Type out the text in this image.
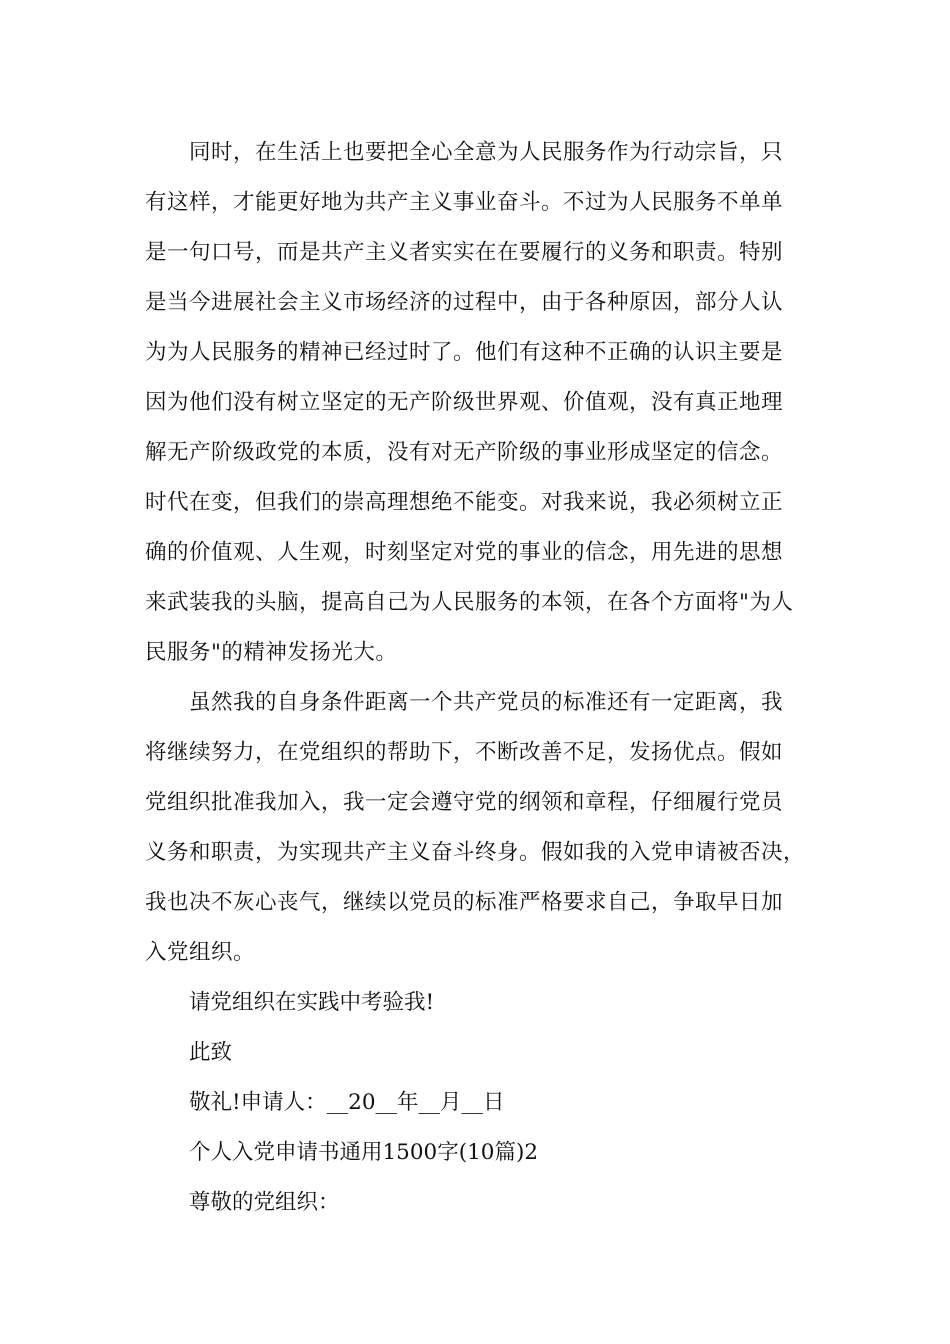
同时，在生活上也要把全心全意为人民服务作为行动宗旨，只
有这样，才能更好地为共产主义事业奋斗。不过为人民服务不单单
是一句口号，而是共产主义者实实在在要履行的义务和职责。特别
是当今进展社会主义市场经济的过程中，由于各种原因，部分人认
为为人民服务的精神已经过时了。他们有这种不正确的认识主要是
因为他们没有树立坚定的无产阶级世界观、价值观，没有真正地理
解无产阶级政党的本质，没有对无产阶级的事业形成坚定的信念。
时代在变，但我们的崇高理想绝不能变。对我来说，我必须树立正
确的价值观、人生观，时刻坚定对党的事业的信念，用先进的思想
来武装我的头脑，提高自己为人民服务的本领，在各个方面将"为人
民服务"的精神发扬光大。
虽然我的自身条件距离一个共产党员的标准还有一定距离，我
将继续努力，在党组织的帮助下，不断改善不足，发扬优点。假如
党组织批准我加入，我一定会遵守党的纲领和章程，仔细履行党员
义务和职责，为实现共产主义奋斗终身。假如我的入党申请被否决，
我也决不灰心丧气，继续以党员的标准严格要求自己，争取早日加
入党组织。

请党组织在实践中考验我!

此致

敬礼!申请人：__20__年__月__日

个人入党申请书通用1500字(10篇)2

尊敬的党组织：
